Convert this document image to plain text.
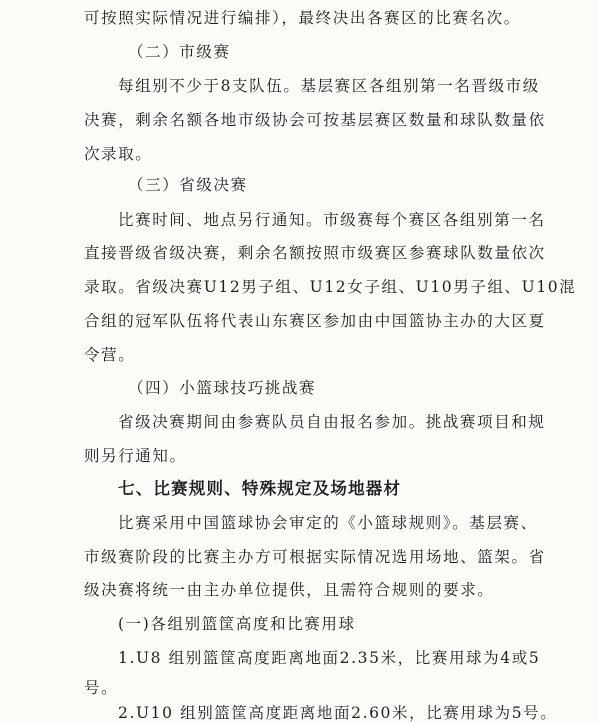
可按照实际情况进行编排），最终决出各赛区的比赛名次。
（二）市级赛
每组别不少于8支队伍。基层赛区各组别第一名晋级市级
决赛，剩余名额各地市级协会可按基层赛区数量和球队数量依
次录取。
（三）省级决赛
比赛时间、地点另行通知。市级赛每个赛区各组别第一名
直接晋级省级决赛，剩余名额按照市级赛区参赛球队数量依次
录取。省级决赛U12男子组、U12女子组、U10男子组、U10混
合组的冠军队伍将代表山东赛区参加由中国篮协主办的大区夏
令营。
（四）小篮球技巧挑战赛
省级决赛期间由参赛队员自由报名参加。挑战赛项目和规
则另行通知。
七、比赛规则、特殊规定及场地器材
比赛采用中国篮球协会审定的《小篮球规则》。基层赛、
市级赛阶段的比赛主办方可根据实际情况选用场地、篮架。省
级决赛将统一由主办单位提供，且需符合规则的要求。
(一)各组别篮筐高度和比赛用球
1.U8 组别篮筐高度距离地面2.35米，比赛用球为4或5
号。
2.U10 组别篮筐高度距离地面2.60米，比赛用球为5号。
